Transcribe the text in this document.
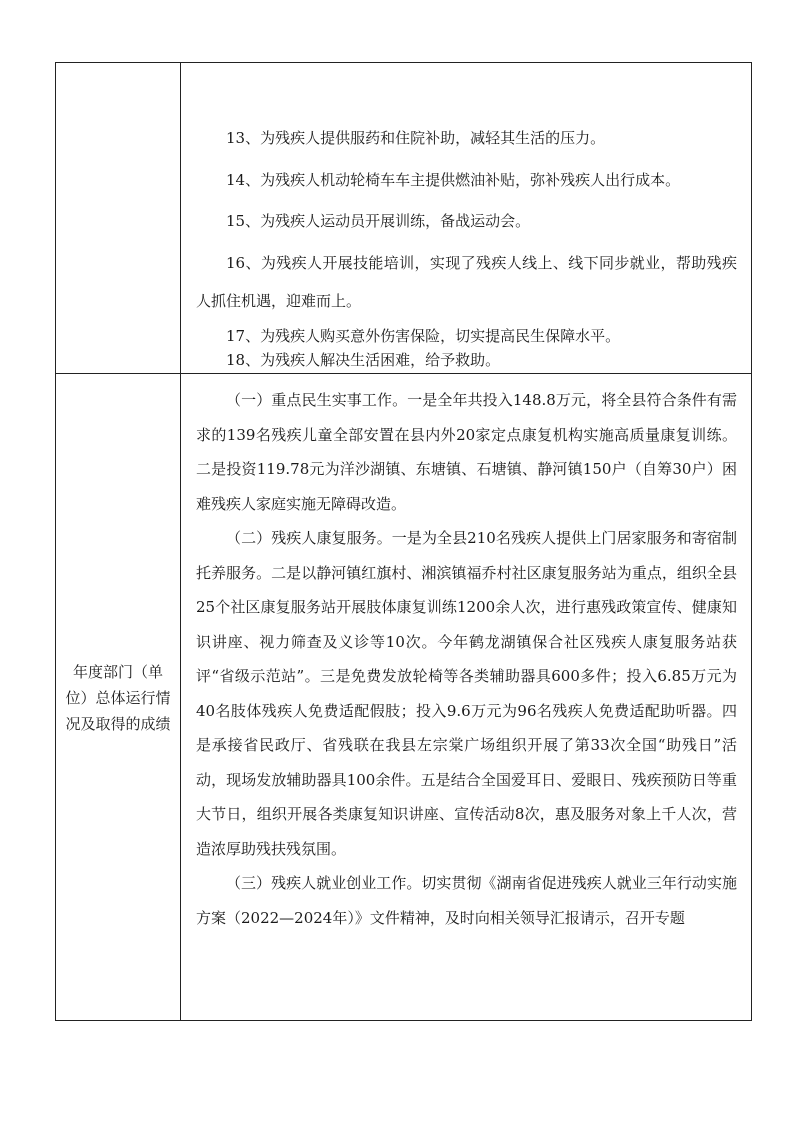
13、为残疾人提供服药和住院补助，减轻其生活的压力。

14、为残疾人机动轮椅车车主提供燃油补贴，弥补残疾人出行成本。

15、为残疾人运动员开展训练，备战运动会。

16、为残疾人开展技能培训，实现了残疾人线上、线下同步就业，帮助残疾人抓住机遇，迎难而上。

17、为残疾人购买意外伤害保险，切实提高民生保障水平。

18、为残疾人解决生活困难，给予救助。

年度部门（单位）总体运行情况及取得的成绩

（一）重点民生实事工作。一是全年共投入148.8万元，将全县符合条件有需求的139名残疾儿童全部安置在县内外20家定点康复机构实施高质量康复训练。二是投资119.78元为洋沙湖镇、东塘镇、石塘镇、静河镇150户（自筹30户）困难残疾人家庭实施无障碍改造。

（二）残疾人康复服务。一是为全县210名残疾人提供上门居家服务和寄宿制托养服务。二是以静河镇红旗村、湘滨镇福乔村社区康复服务站为重点，组织全县25个社区康复服务站开展肢体康复训练1200余人次，进行惠残政策宣传、健康知识讲座、视力筛查及义诊等10次。今年鹤龙湖镇保合社区残疾人康复服务站获评“省级示范站”。三是免费发放轮椅等各类辅助器具600多件；投入6.85万元为40名肢体残疾人免费适配假肢；投入9.6万元为96名残疾人免费适配助听器。四是承接省民政厅、省残联在我县左宗棠广场组织开展了第33次全国“助残日”活动，现场发放辅助器具100余件。五是结合全国爱耳日、爱眼日、残疾预防日等重大节日，组织开展各类康复知识讲座、宣传活动8次，惠及服务对象上千人次，营造浓厚助残扶残氛围。

（三）残疾人就业创业工作。切实贯彻《湖南省促进残疾人就业三年行动实施方案（2022—2024年）》文件精神，及时向相关领导汇报请示，召开专题
